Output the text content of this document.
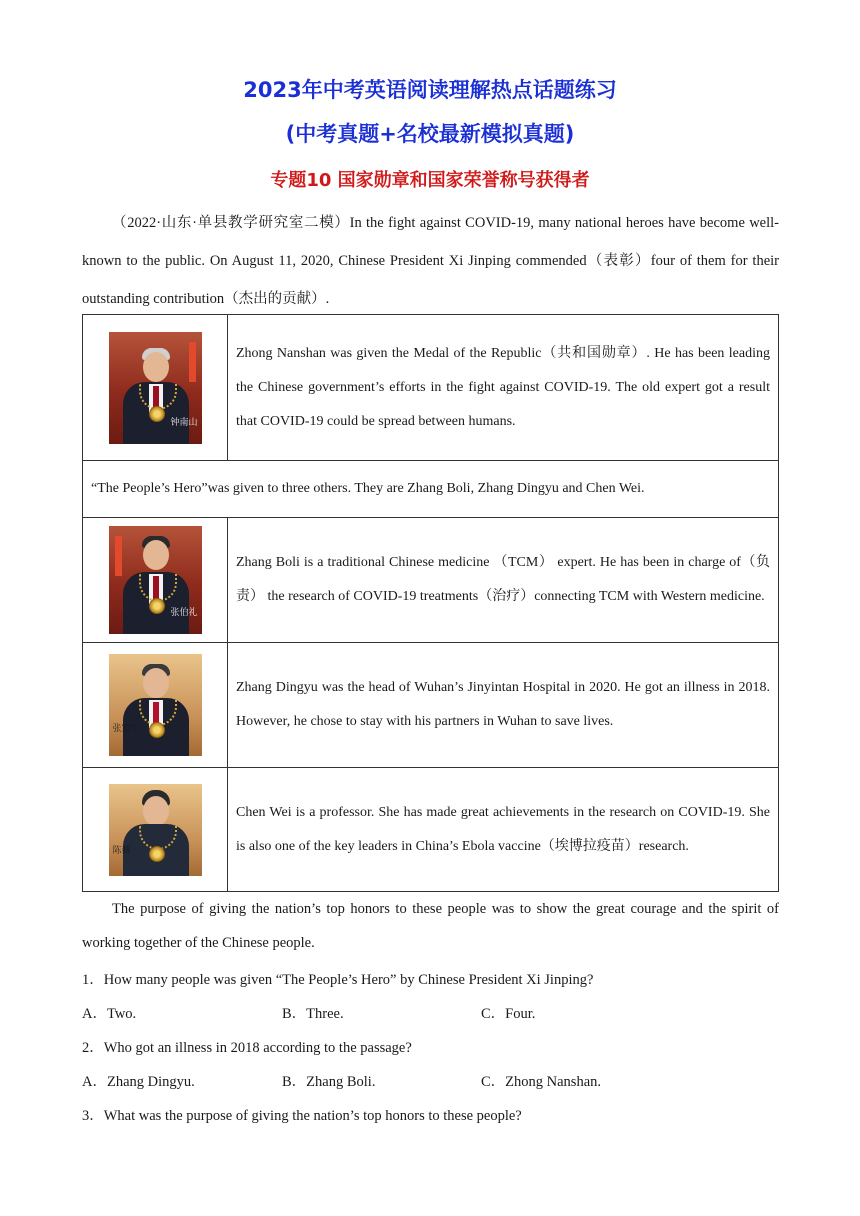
2023年中考英语阅读理解热点话题练习
(中考真题+名校最新模拟真题)
专题10 国家勋章和国家荣誉称号获得者

（2022·山东·单县教学研究室二模）In the fight against COVID-19, many national heroes have become well-known to the public. On August 11, 2020, Chinese President Xi Jinping commended（表彰）four of them for their outstanding contribution（杰出的贡献）.

钟南山	Zhong Nanshan was given the Medal of the Republic（共和国勋章）. He has been leading the Chinese government’s efforts in the fight against COVID-19. The old expert got a result that COVID-19 could be spread between humans.
“The People’s Hero”was given to three others. They are Zhang Boli, Zhang Dingyu and Chen Wei.	

张伯礼	Zhang Boli is a traditional Chinese medicine （TCM） expert. He has been in charge of（负责） the research of COVID-19 treatments（治疗）connecting TCM with Western medicine.

张定宇	Zhang Dingyu was the head of Wuhan’s Jinyintan Hospital in 2020. He got an illness in 2018. However, he chose to stay with his partners in Wuhan to save lives.

陈薇	Chen Wei is a professor. She has made great achievements in the research on COVID-19. She is also one of the key leaders in China’s Ebola vaccine（埃博拉疫苗）research.

The purpose of giving the nation’s top honors to these people was to show the great courage and the spirit of working together of the Chinese people.

1．How many people was given “The People’s Hero” by Chinese President Xi Jinping?
A．Two.	B．Three.	C．Four.
2．Who got an illness in 2018 according to the passage?
A．Zhang Dingyu.	B．Zhang Boli.	C．Zhong Nanshan.
3．What was the purpose of giving the nation’s top honors to these people?
